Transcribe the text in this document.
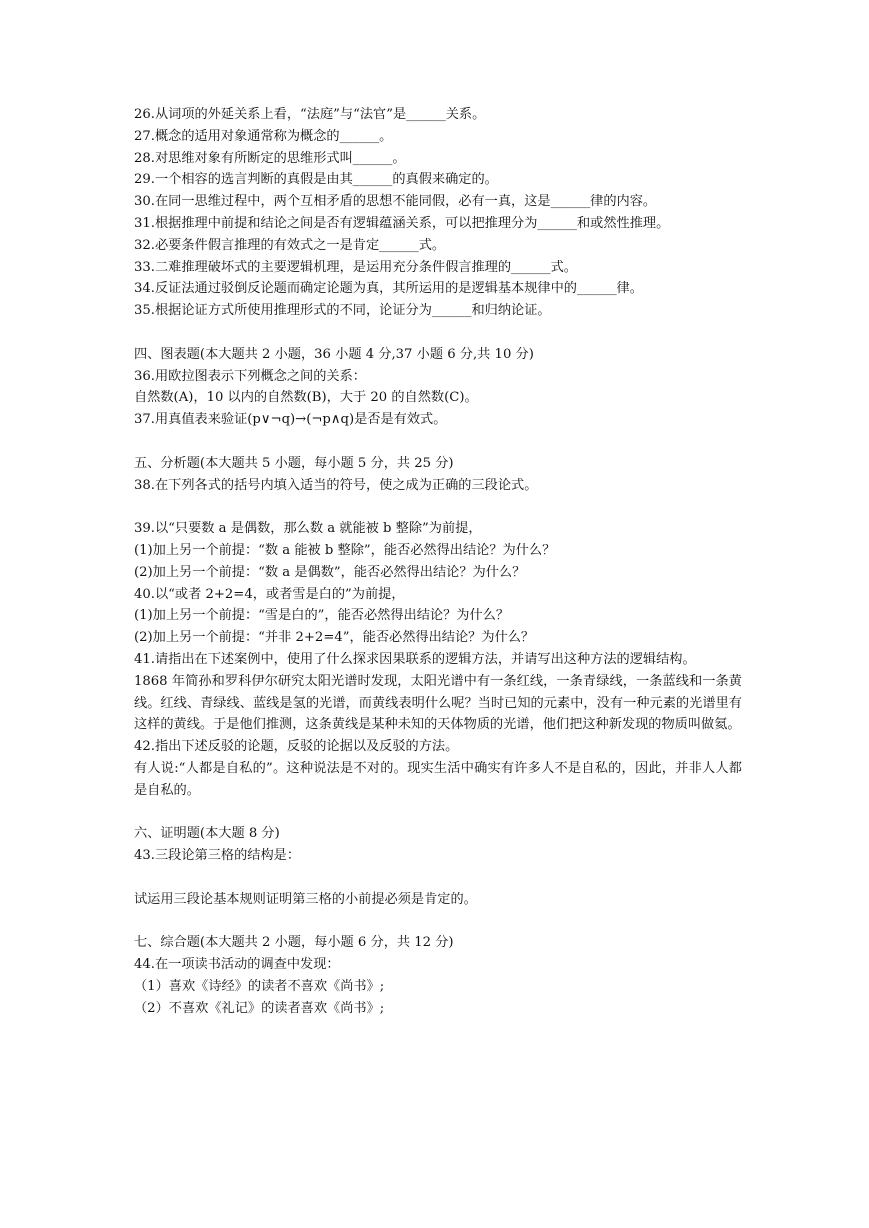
26.从词项的外延关系上看，“法庭”与“法官”是______关系。

27.概念的适用对象通常称为概念的______。

28.对思维对象有所断定的思维形式叫______。

29.一个相容的选言判断的真假是由其______的真假来确定的。

30.在同一思维过程中，两个互相矛盾的思想不能同假，必有一真，这是______律的内容。

31.根据推理中前提和结论之间是否有逻辑蕴涵关系，可以把推理分为______和或然性推理。

32.必要条件假言推理的有效式之一是肯定______式。

33.二难推理破坏式的主要逻辑机理，是运用充分条件假言推理的______式。

34.反证法通过驳倒反论题而确定论题为真，其所运用的是逻辑基本规律中的______律。

35.根据论证方式所使用推理形式的不同，论证分为______和归纳论证。

四、图表题(本大题共 2 小题，36 小题 4 分,37 小题 6 分,共 10 分)

36.用欧拉图表示下列概念之间的关系：

自然数(A)，10 以内的自然数(B)，大于 20 的自然数(C)。

37.用真值表来验证(p∨¬q)→(¬p∧q)是否是有效式。

五、分析题(本大题共 5 小题，每小题 5 分，共 25 分)

38.在下列各式的括号内填入适当的符号，使之成为正确的三段论式。

39.以“只要数 a 是偶数，那么数 a 就能被 b 整除”为前提，

(1)加上另一个前提：“数 a 能被 b 整除”，能否必然得出结论？为什么？

(2)加上另一个前提：“数 a 是偶数”，能否必然得出结论？为什么？

40.以“或者 2+2=4，或者雪是白的”为前提，

(1)加上另一个前提：“雪是白的”，能否必然得出结论？为什么？

(2)加上另一个前提：“并非 2+2=4”，能否必然得出结论？为什么？

41.请指出在下述案例中，使用了什么探求因果联系的逻辑方法，并请写出这种方法的逻辑结构。

1868 年简孙和罗科伊尔研究太阳光谱时发现，太阳光谱中有一条红线，一条青绿线，一条蓝线和一条黄线。红线、青绿线、蓝线是氢的光谱，而黄线表明什么呢？当时已知的元素中，没有一种元素的光谱里有这样的黄线。于是他们推测，这条黄线是某种未知的天体物质的光谱，他们把这种新发现的物质叫做氦。

42.指出下述反驳的论题，反驳的论据以及反驳的方法。

有人说:“人都是自私的”。这种说法是不对的。现实生活中确实有许多人不是自私的，因此，并非人人都是自私的。

六、证明题(本大题 8 分)

43.三段论第三格的结构是：

试运用三段论基本规则证明第三格的小前提必须是肯定的。

七、综合题(本大题共 2 小题，每小题 6 分，共 12 分)

44.在一项读书活动的调查中发现：

（1）喜欢《诗经》的读者不喜欢《尚书》;

（2）不喜欢《礼记》的读者喜欢《尚书》;
